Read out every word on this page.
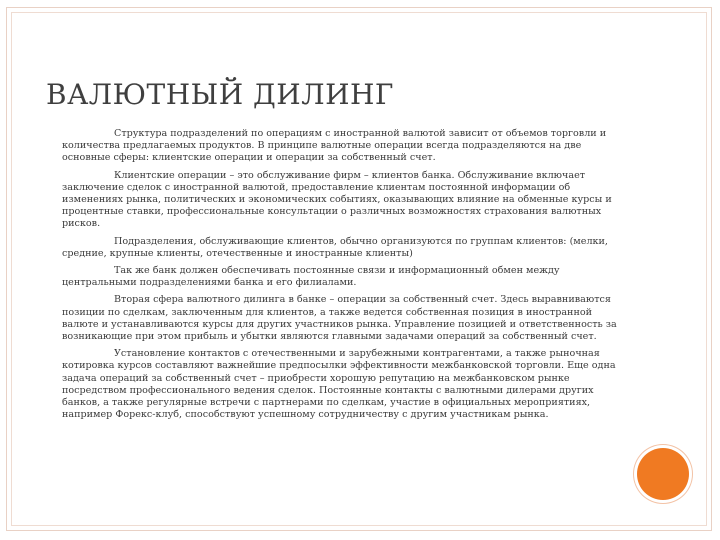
ВАЛЮТНЫЙ ДИЛИНГ

Структура подразделений по операциям с иностранной валютой зависит от объемов торговли и количества предлагаемых продуктов. В принципе валютные операции всегда подразделяются на две основные сферы: клиентские операции и операции за собственный счет.

Клиентские операции – это обслуживание фирм – клиентов банка. Обслуживание включает заключение сделок с иностранной валютой, предоставление клиентам постоянной информации об изменениях рынка, политических и экономических событиях, оказывающих влияние на обменные курсы и процентные ставки, профессиональные консультации о различных возможностях страхования валютных рисков.

Подразделения, обслуживающие клиентов, обычно организуются по группам клиентов: (мелки, средние, крупные клиенты, отечественные и иностранные клиенты)

Так же банк должен обеспечивать постоянные связи и информационный обмен между центральными подразделениями банка и его филиалами.

Вторая сфера валютного дилинга в банке – операции за собственный счет. Здесь выравниваются позиции по сделкам, заключенным для клиентов, а также ведется собственная позиция в иностранной валюте и устанавливаются курсы для других участников рынка. Управление позицией и ответственность за возникающие при этом прибыль и убытки являются главными задачами операций за собственный счет.

Установление контактов с отечественными и зарубежными контрагентами, а также рыночная котировка курсов составляют важнейшие предпосылки эффективности межбанковской торговли. Еще одна задача операций за собственный счет – приобрести хорошую репутацию на межбанковском рынке посредством профессионального ведения сделок. Постоянные контакты с валютными дилерами других банков, а также регулярные встречи с партнерами по сделкам, участие в официальных мероприятиях, например Форекс-клуб, способствуют успешному сотрудничеству с другим участникам рынка.
